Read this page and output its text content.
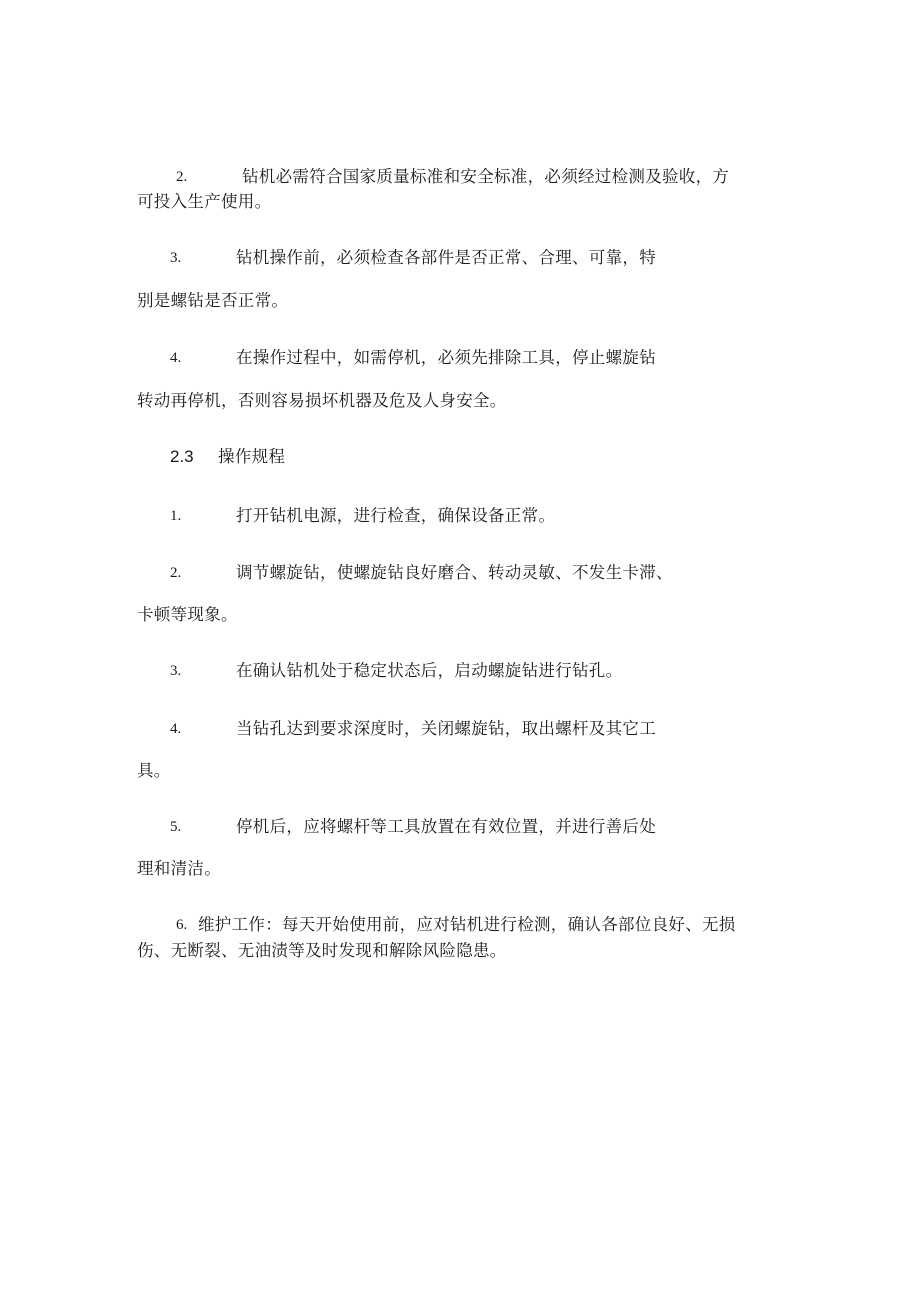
2.	钻机必需符合国家质量标准和安全标准，必须经过检测及验收，方
可投入生产使用。
3.	钻机操作前，必须检查各部件是否正常、合理、可靠，特
别是螺钻是否正常。
4.	在操作过程中，如需停机，必须先排除工具，停止螺旋钻
转动再停机，否则容易损坏机器及危及人身安全。
2.3 操作规程
1.	打开钻机电源，进行检查，确保设备正常。
2.	调节螺旋钻，使螺旋钻良好磨合、转动灵敏、不发生卡滞、
卡顿等现象。
3.	在确认钻机处于稳定状态后，启动螺旋钻进行钻孔。
4.	当钻孔达到要求深度时，关闭螺旋钻，取出螺杆及其它工
具。
5.	停机后，应将螺杆等工具放置在有效位置，并进行善后处
理和清洁。
6. 维护工作：每天开始使用前，应对钻机进行检测，确认各部位良好、无损
伤、无断裂、无油渍等及时发现和解除风险隐患。
